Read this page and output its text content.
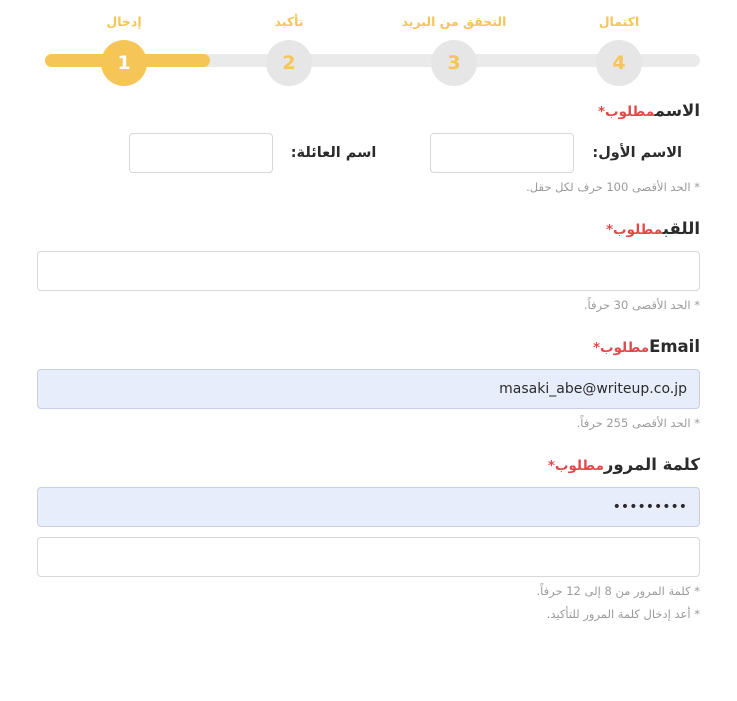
إدخال
1
تأكيد
2
التحقق من البريد
3
اكتمال
4
الاسممطلوب*
الاسم الأول:
اسم العائلة:
* الحد الأقصى 100 حرف لكل حقل.
اللقبمطلوب*
* الحد الأقصى 30 حرفاً.
Emailمطلوب*
masaki_abe@writeup.co.jp
* الحد الأقصى 255 حرفاً.
كلمة المرورمطلوب*
•••••••••
* كلمة المرور من 8 إلى 12 حرفاً.
* أعد إدخال كلمة المرور للتأكيد.
